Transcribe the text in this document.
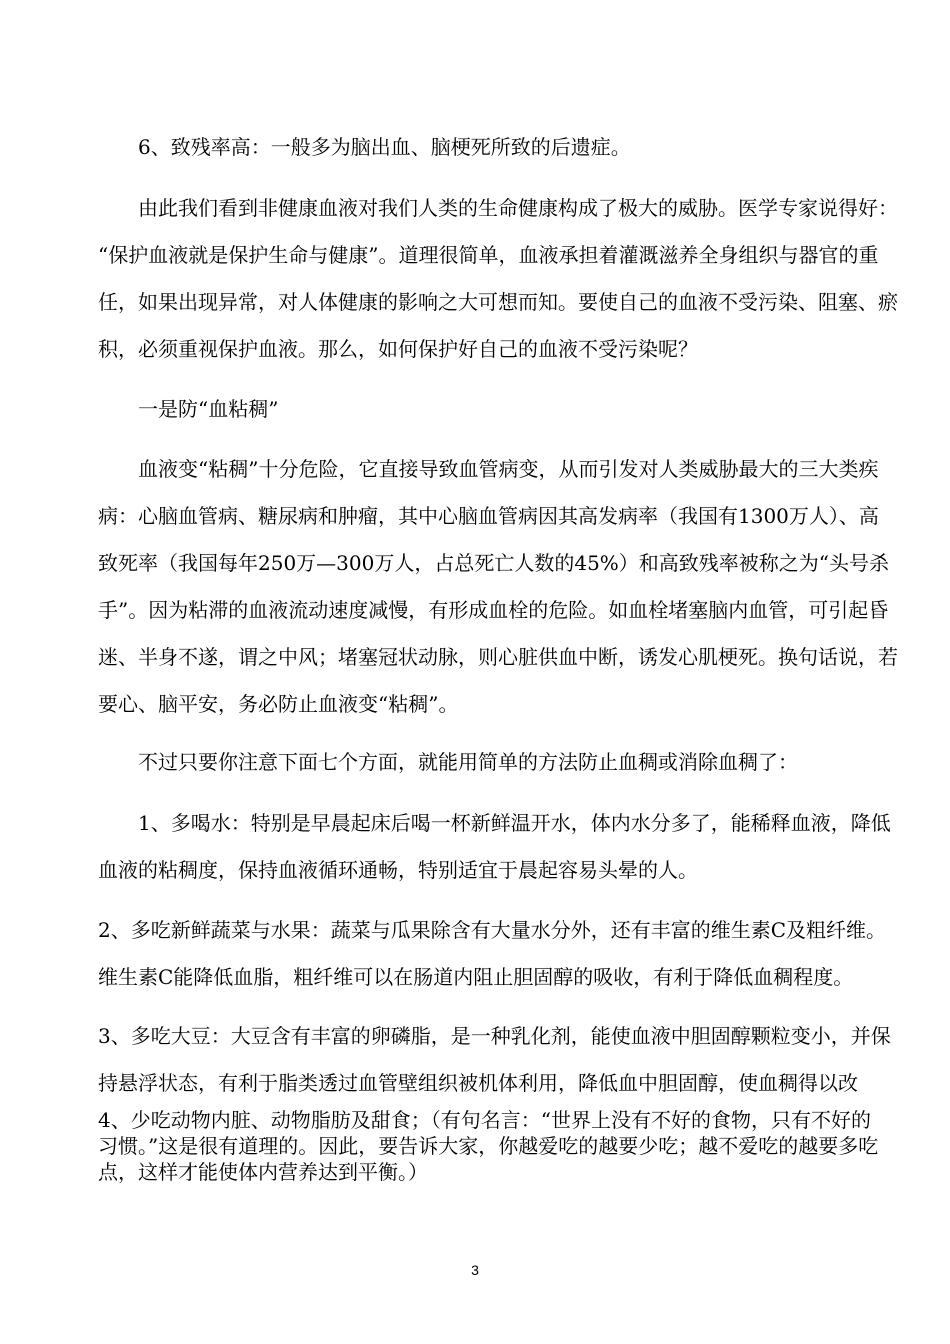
　　6、致残率高：一般多为脑出血、脑梗死所致的后遗症。

　　由此我们看到非健康血液对我们人类的生命健康构成了极大的威胁。医学专家说得好：
“保护血液就是保护生命与健康”。道理很简单，血液承担着灌溉滋养全身组织与器官的重
任，如果出现异常，对人体健康的影响之大可想而知。要使自己的血液不受污染、阻塞、瘀
积，必须重视保护血液。那么，如何保护好自己的血液不受污染呢？

　　一是防“血粘稠”

　　血液变“粘稠”十分危险，它直接导致血管病变，从而引发对人类威胁最大的三大类疾
病：心脑血管病、糖尿病和肿瘤，其中心脑血管病因其高发病率（我国有1300万人）、高
致死率（我国每年250万—300万人，占总死亡人数的45%）和高致残率被称之为“头号杀
手”。因为粘滞的血液流动速度减慢，有形成血栓的危险。如血栓堵塞脑内血管，可引起昏
迷、半身不遂，谓之中风；堵塞冠状动脉，则心脏供血中断，诱发心肌梗死。换句话说，若
要心、脑平安，务必防止血液变“粘稠”。

　　不过只要你注意下面七个方面，就能用简单的方法防止血稠或消除血稠了：

　　1、多喝水：特别是早晨起床后喝一杯新鲜温开水，体内水分多了，能稀释血液，降低
血液的粘稠度，保持血液循环通畅，特别适宜于晨起容易头晕的人。

2、多吃新鲜蔬菜与水果：蔬菜与瓜果除含有大量水分外，还有丰富的维生素C及粗纤维。
维生素C能降低血脂，粗纤维可以在肠道内阻止胆固醇的吸收，有利于降低血稠程度。

3、多吃大豆：大豆含有丰富的卵磷脂，是一种乳化剂，能使血液中胆固醇颗粒变小，并保
持悬浮状态，有利于脂类透过血管壁组织被机体利用，降低血中胆固醇，使血稠得以改

4、少吃动物内脏、动物脂肪及甜食；（有句名言：“世界上没有不好的食物，只有不好的
习惯。”这是很有道理的。因此，要告诉大家，你越爱吃的越要少吃；越不爱吃的越要多吃
点，这样才能使体内营养达到平衡。）

3
